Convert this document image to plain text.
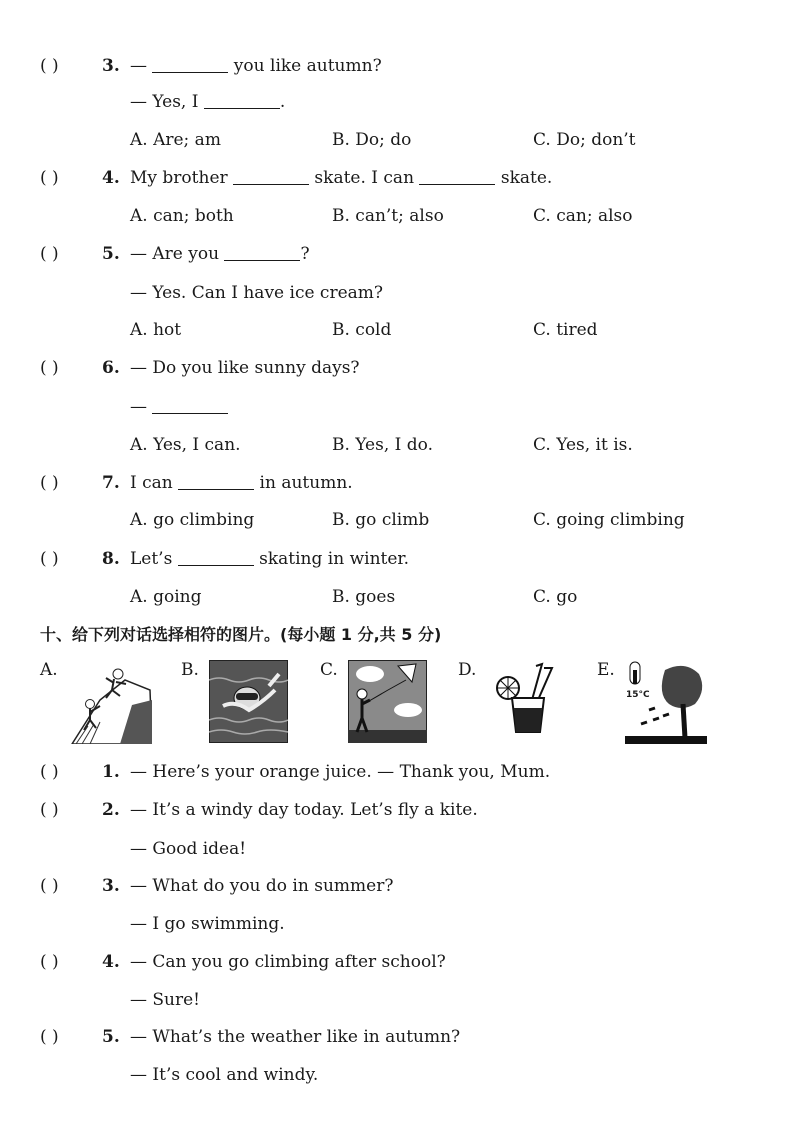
( )	3. —	you like autumn?
— Yes, I	.
A. Are; am	B. Do; do	C. Do; don’t
( )	4. My brother	skate. I can	skate.
A. can; both	B. can’t; also	C. can; also
( )	5. — Are you	?
— Yes. Can I have ice cream?
A. hot	B. cold	C. tired
( )	6. — Do you like sunny days?
—
A. Yes, I can.	B. Yes, I do.	C. Yes, it is.
( )	7. I can	in autumn.
A. go climbing	B. go climb	C. going climbing
( )	8. Let’s	skating in winter.
A. going	B. goes	C. go
十、给下列对话选择相符的图片。(每小题 1 分,共 5 分)
A.	B.	C.	D.	E.
15°C
( )	1. — Here’s your orange juice. — Thank you, Mum.
( )	2. — It’s a windy day today. Let’s fly a kite.
— Good idea!
( )	3. — What do you do in summer?
— I go swimming.
( )	4. — Can you go climbing after school?
— Sure!
( )	5. — What’s the weather like in autumn?
— It’s cool and windy.
